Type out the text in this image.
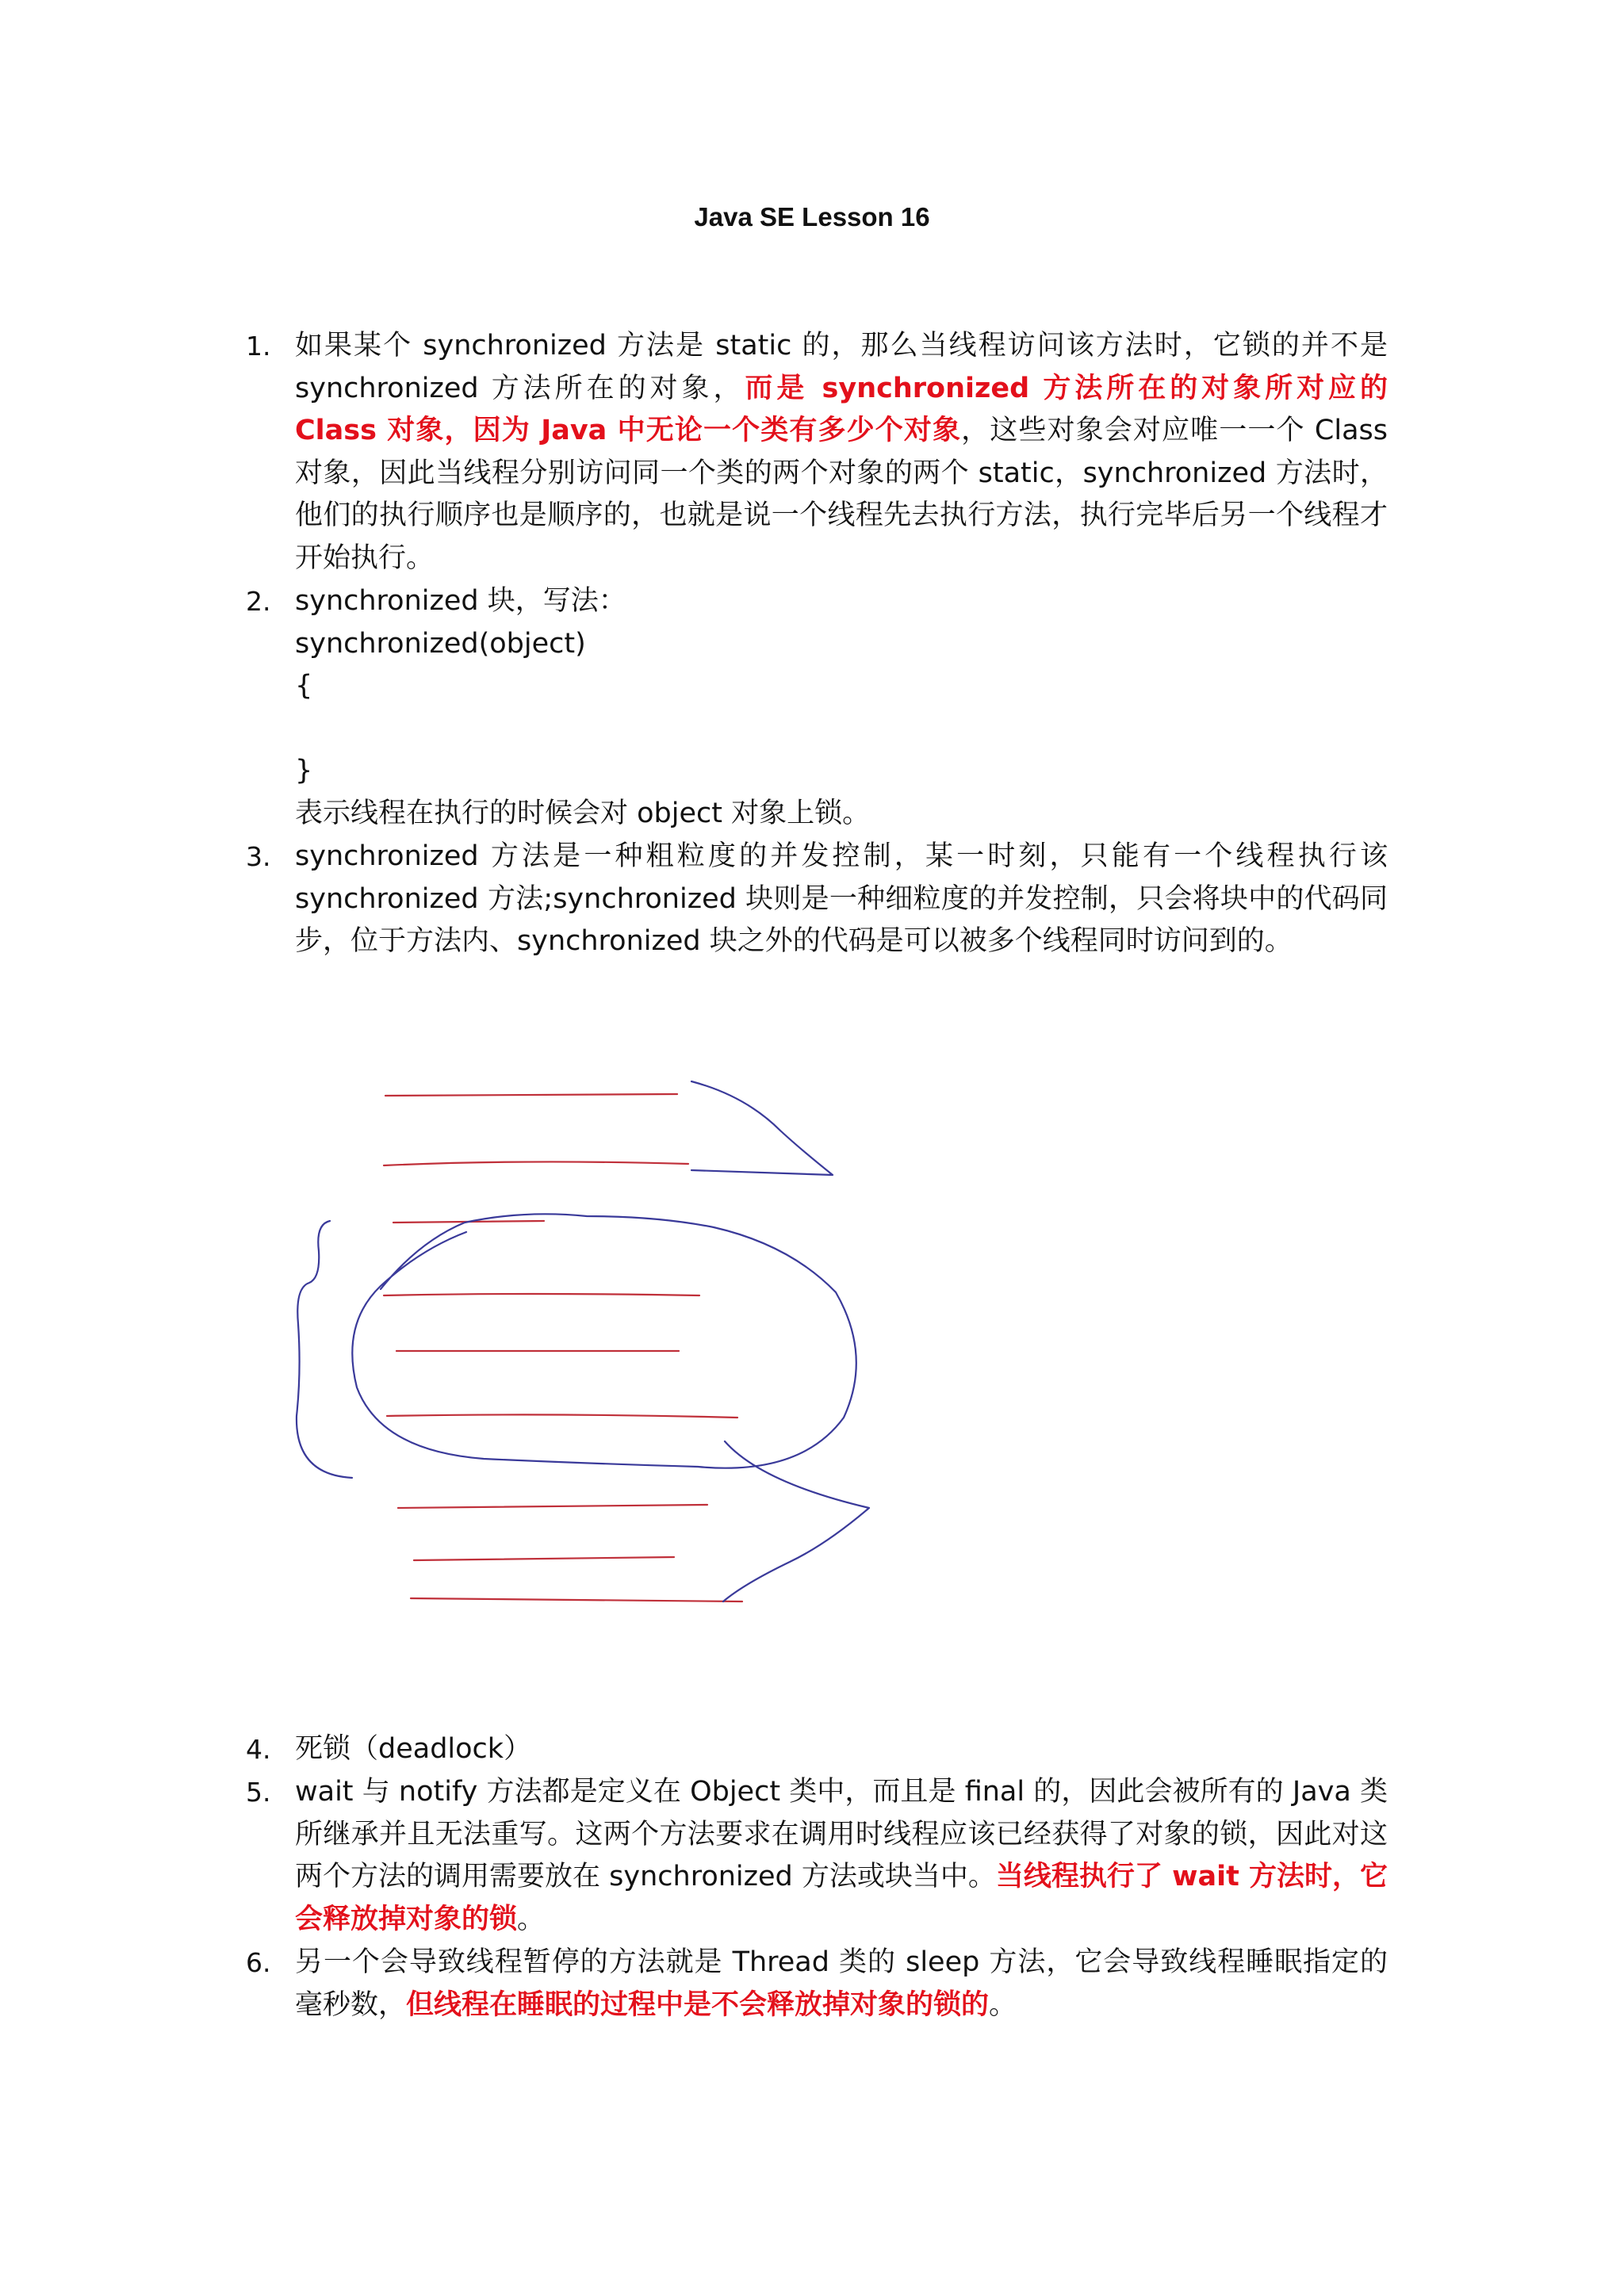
Java SE Lesson 16
1. 如果某个 synchronized 方法是 static 的，那么当线程访问该方法时，它锁的并不是 synchronized 方法所在的对象，而是 synchronized 方法所在的对象所对应的 Class 对象，因为 Java 中无论一个类有多少个对象，这些对象会对应唯一一个 Class 对象，因此当线程分别访问同一个类的两个对象的两个 static，synchronized 方法时，他们的执行顺序也是顺序的，也就是说一个线程先去执行方法，执行完毕后另一个线程才开始执行。
2. synchronized 块，写法：
synchronized(object)
{
}
表示线程在执行的时候会对 object 对象上锁。
3. synchronized 方法是一种粗粒度的并发控制，某一时刻，只能有一个线程执行该 synchronized 方法;synchronized 块则是一种细粒度的并发控制，只会将块中的代码同步，位于方法内、synchronized 块之外的代码是可以被多个线程同时访问到的。
4. 死锁（deadlock）
5. wait 与 notify 方法都是定义在 Object 类中，而且是 final 的，因此会被所有的 Java 类所继承并且无法重写。这两个方法要求在调用时线程应该已经获得了对象的锁，因此对这两个方法的调用需要放在 synchronized 方法或块当中。当线程执行了 wait 方法时，它会释放掉对象的锁。
6. 另一个会导致线程暂停的方法就是 Thread 类的 sleep 方法，它会导致线程睡眠指定的毫秒数，但线程在睡眠的过程中是不会释放掉对象的锁的。
